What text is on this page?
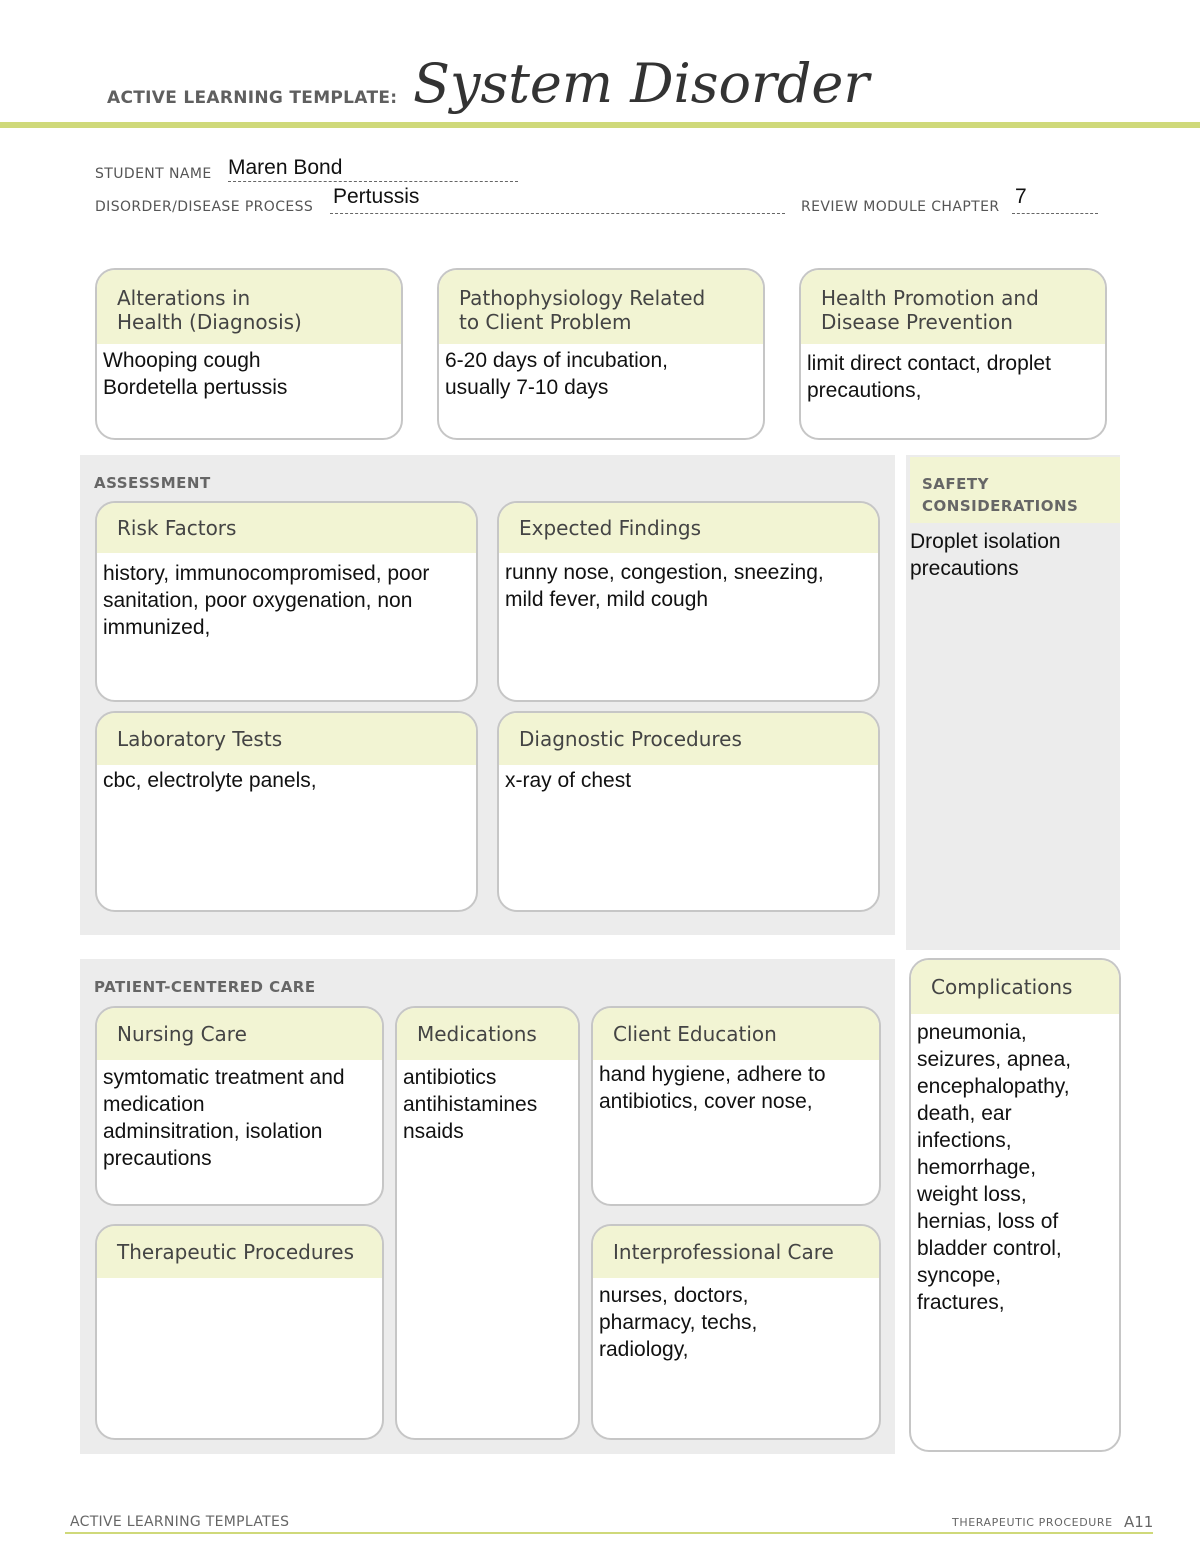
ACTIVE LEARNING TEMPLATE: System Disorder
STUDENT NAME Maren Bond
DISORDER/DISEASE PROCESS Pertussis	REVIEW MODULE CHAPTER 7
Alterations in
Health (Diagnosis)
Whooping cough
Bordetella pertussis
Pathophysiology Related
to Client Problem
6-20 days of incubation,
usually 7-10 days
Health Promotion and
Disease Prevention
limit direct contact, droplet
precautions,
ASSESSMENT
Risk Factors
history, immunocompromised, poor
sanitation, poor oxygenation, non
immunized,
Expected Findings
runny nose, congestion, sneezing,
mild fever, mild cough
Laboratory Tests
cbc, electrolyte panels,
Diagnostic Procedures
x-ray of chest
SAFETY
CONSIDERATIONS
Droplet isolation
precautions
PATIENT-CENTERED CARE
Nursing Care
symtomatic treatment and
medication
adminsitration, isolation
precautions
Medications
antibiotics
antihistamines
nsaids
Client Education
hand hygiene, adhere to
antibiotics, cover nose,
Therapeutic Procedures	Interprofessional Care
nurses, doctors,
pharmacy, techs,
radiology,
Complications
pneumonia,
seizures, apnea,
encephalopathy,
death, ear
infections,
hemorrhage,
weight loss,
hernias, loss of
bladder control,
syncope,
fractures,
ACTIVE LEARNING TEMPLATES	THERAPEUTIC PROCEDURE A11
